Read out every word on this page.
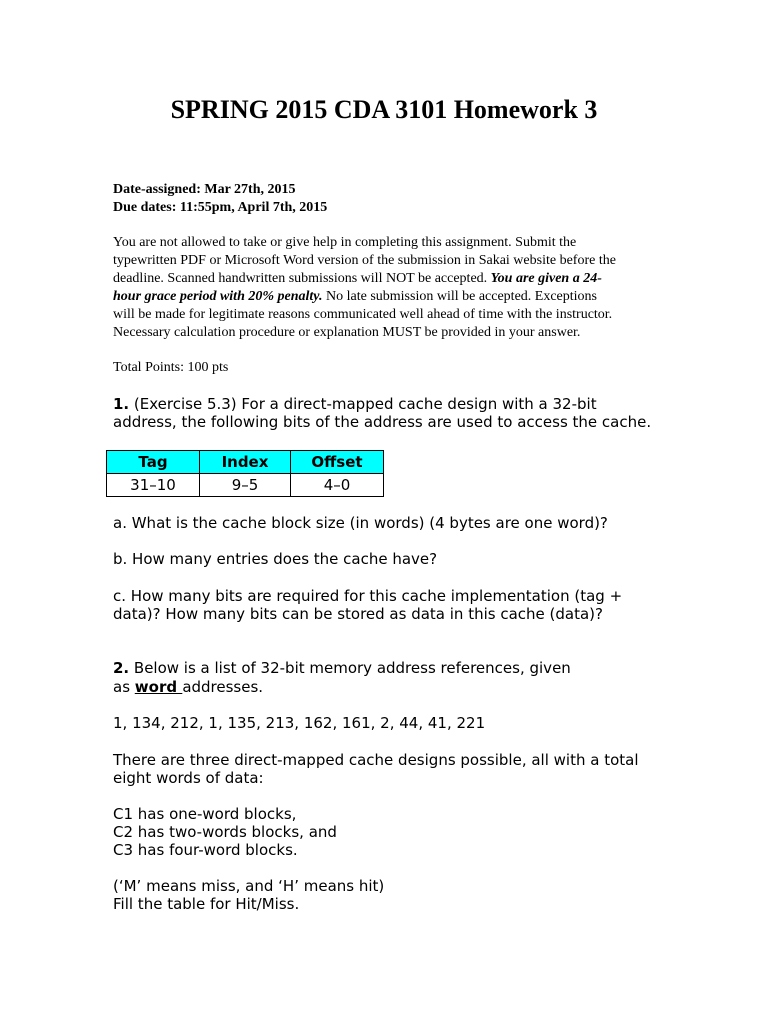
SPRING 2015 CDA 3101 Homework 3
Date-assigned: Mar 27th, 2015
Due dates: 11:55pm, April 7th, 2015
You are not allowed to take or give help in completing this assignment. Submit the
typewritten PDF or Microsoft Word version of the submission in Sakai website before the
deadline. Scanned handwritten submissions will NOT be accepted. You are given a 24-
hour grace period with 20% penalty. No late submission will be accepted. Exceptions
will be made for legitimate reasons communicated well ahead of time with the instructor.
Necessary calculation procedure or explanation MUST be provided in your answer.
Total Points: 100 pts
1. (Exercise 5.3) For a direct-mapped cache design with a 32-bit
address, the following bits of the address are used to access the cache.
Tag	Index	Offset
31–10	9–5	4–0
a. What is the cache block size (in words) (4 bytes are one word)?
b. How many entries does the cache have?
c. How many bits are required for this cache implementation (tag +
data)? How many bits can be stored as data in this cache (data)?
2. Below is a list of 32-bit memory address references, given
as word addresses.
1, 134, 212, 1, 135, 213, 162, 161, 2, 44, 41, 221
There are three direct-mapped cache designs possible, all with a total
eight words of data:
C1 has one-word blocks,
C2 has two-words blocks, and
C3 has four-word blocks.
(‘M’ means miss, and ‘H’ means hit)
Fill the table for Hit/Miss.
